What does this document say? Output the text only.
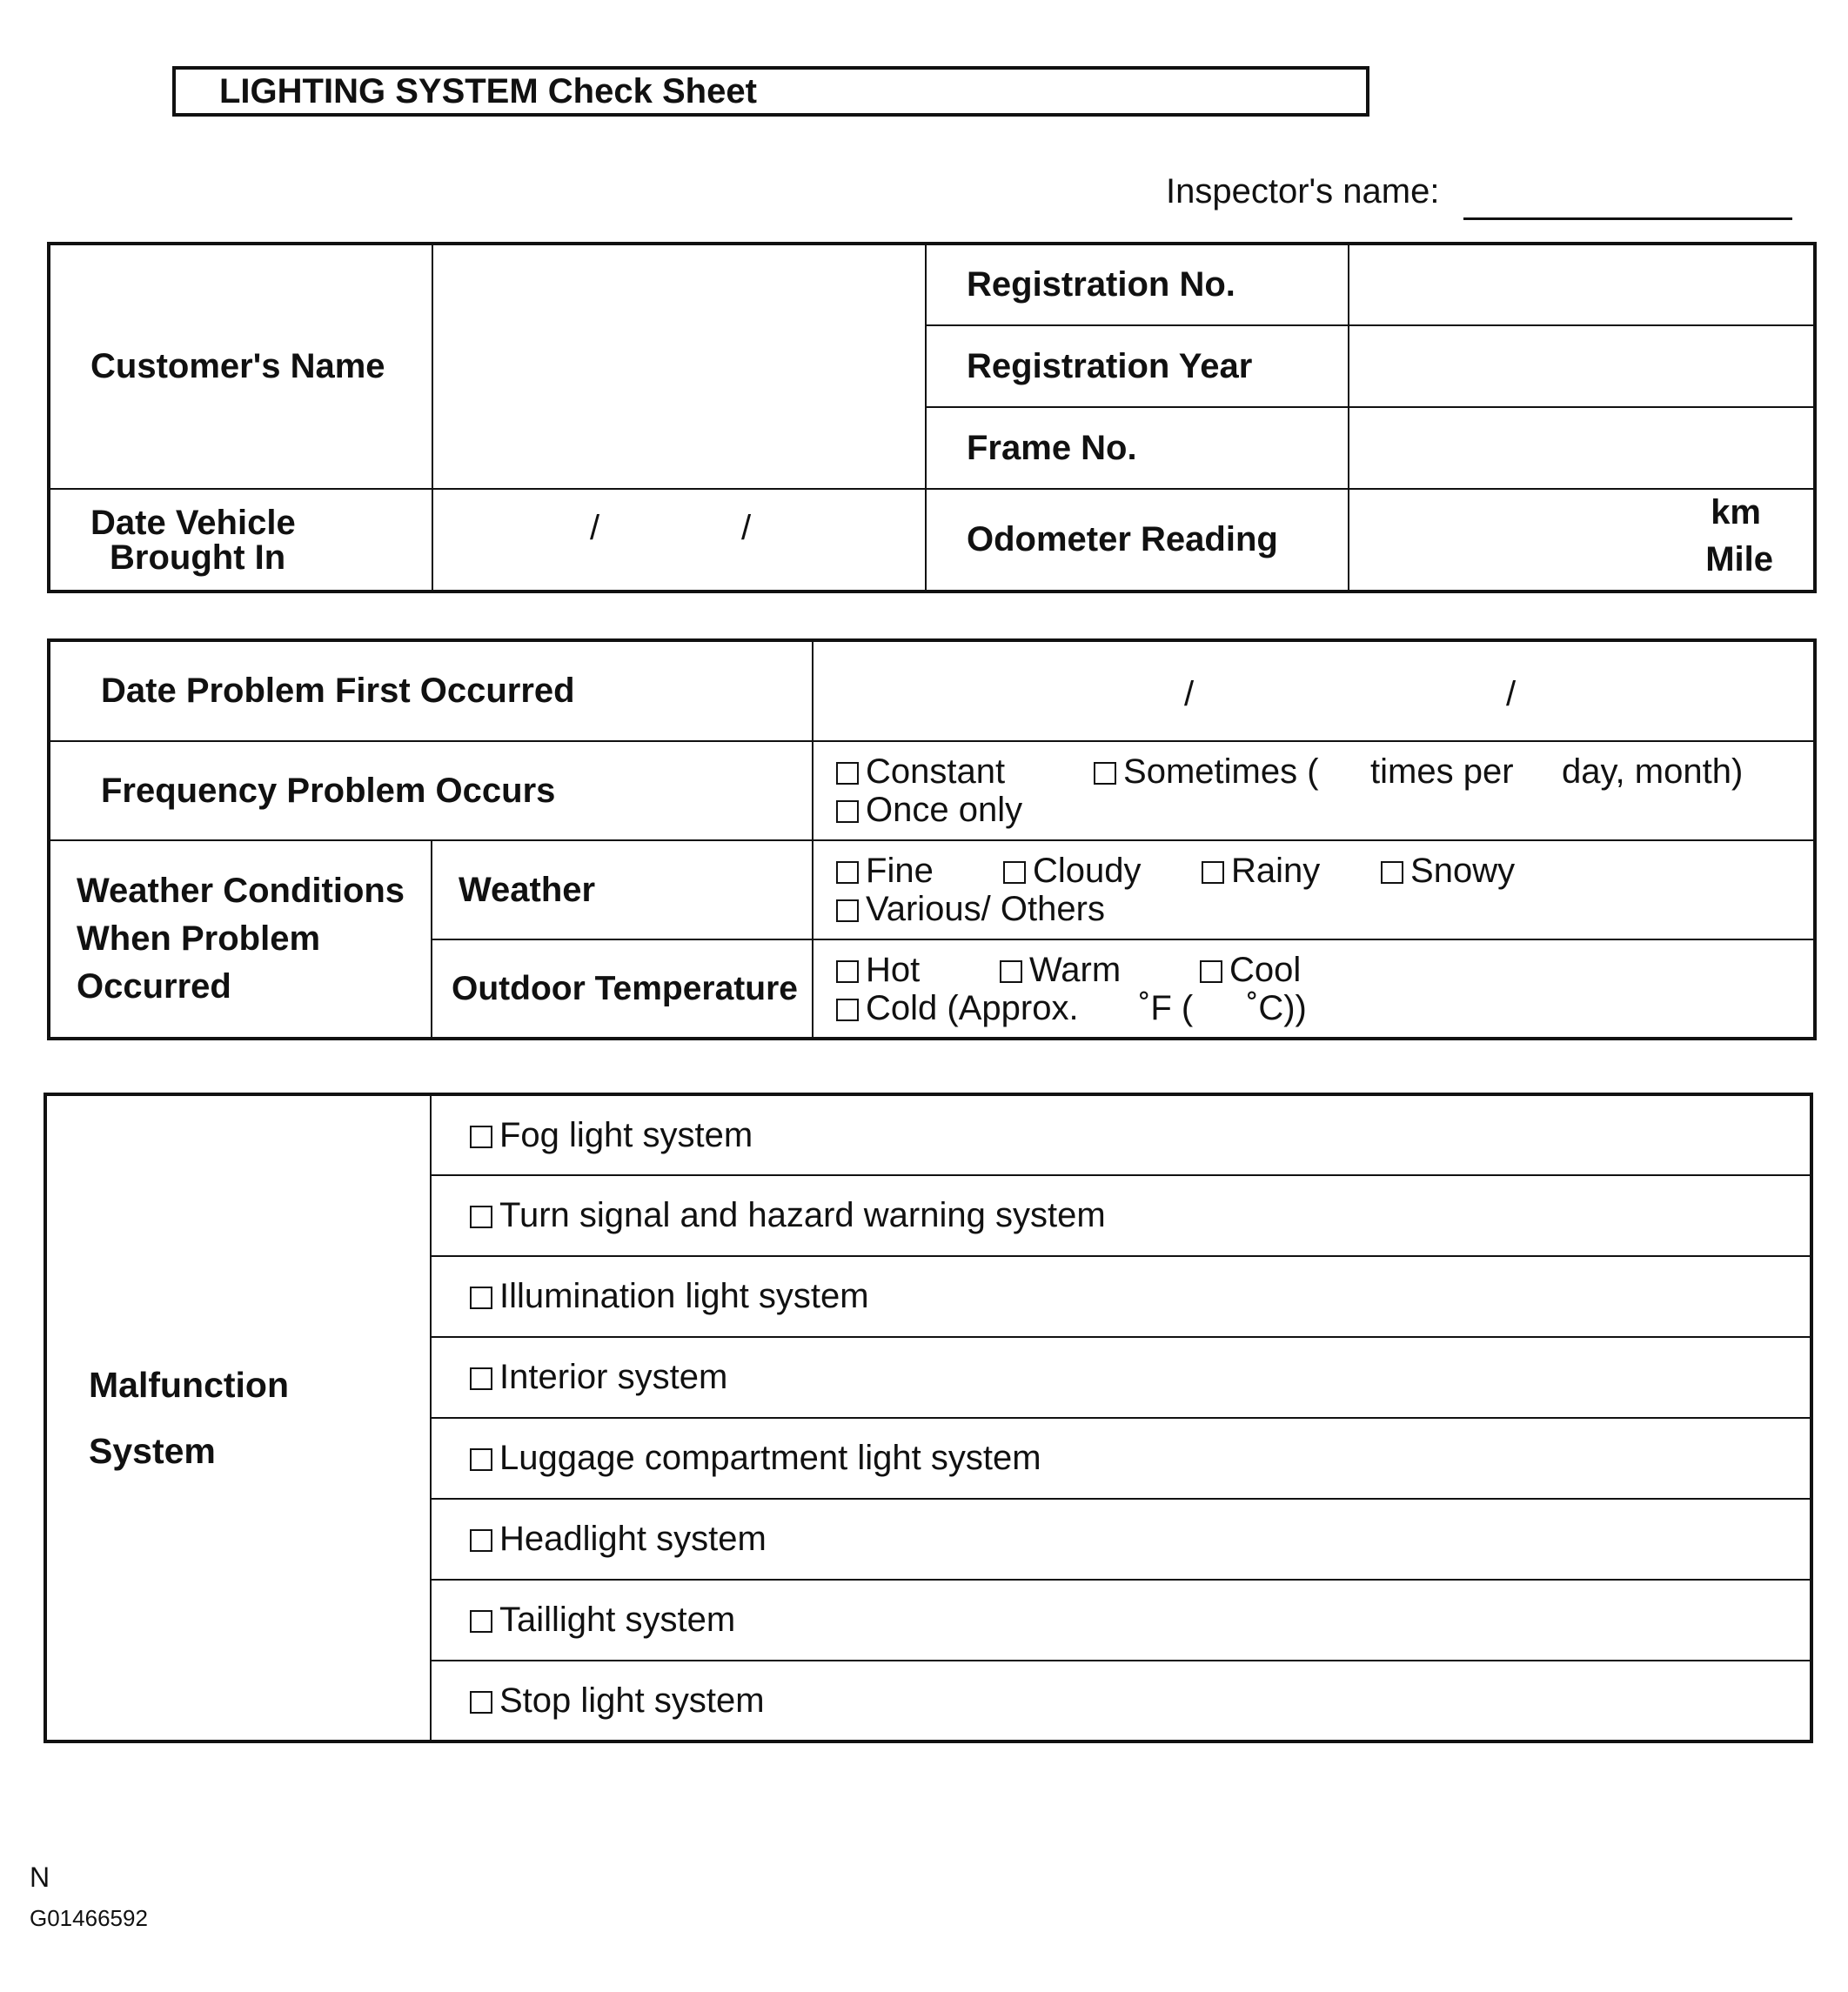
LIGHTING SYSTEM Check Sheet
Inspector's name:
Customer's Name		Registration No.	
		Registration Year	
		Frame No.	

Date Vehicle
Brought In	/ /	Odometer Reading	km
Mile
Date Problem First Occurred		/ /

Frequency Problem Occurs		Constant Sometimes ( times per day, month)
Once only

Weather Conditions
When Problem
Occurred	Weather	Fine Cloudy Rainy Snowy
Various/ Others

	Outdoor Temperature	Hot Warm Cool
Cold (Approx. ˚F ( ˚C))
Malfunction
System
	Fog light system
Turn signal and hazard warning system
Illumination light system
Interior system
Luggage compartment light system
Headlight system
Taillight system
Stop light system
N
G01466592
